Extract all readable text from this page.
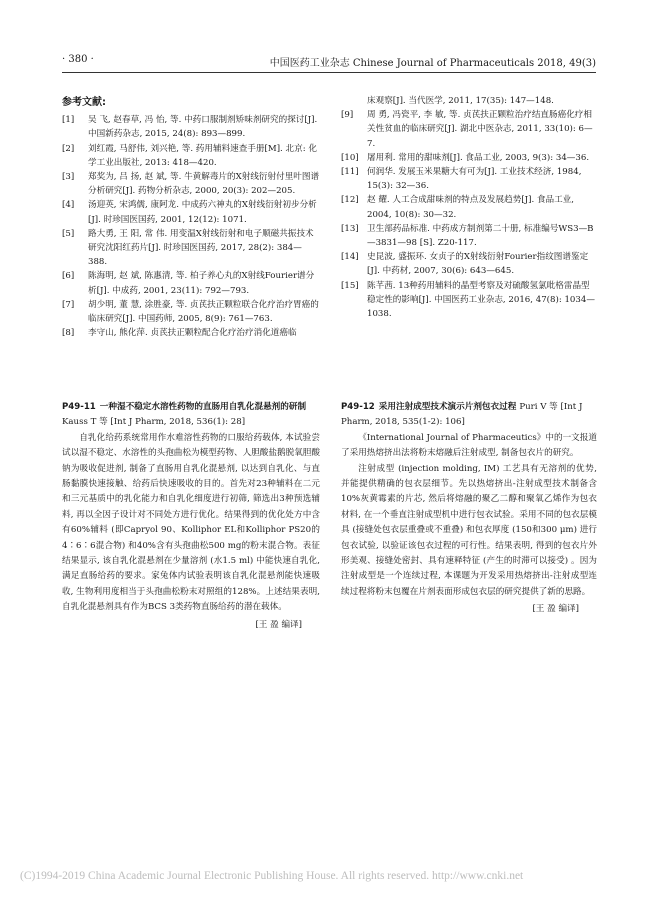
· 380 ·	中国医药工业杂志 Chinese Journal of Pharmaceuticals 2018, 49(3)
参考文献:
[1]	吴 飞, 赵春草, 冯 怡, 等. 中药口服制剂矫味剂研究的探讨[J]. 中国新药杂志, 2015, 24(8): 893—899.
[2]	刘红霞, 马舒伟, 刘兴艳, 等. 药用辅料速查手册[M]. 北京: 化学工业出版社, 2013: 418—420.
[3]	郑奖为, 吕 扬, 赵 斌, 等. 牛黄解毒片的X射线衍射付里叶图谱分析研究[J]. 药物分析杂志, 2000, 20(3): 202—205.
[4]	汤迎英, 宋鸿儒, 康阿龙. 中成药六神丸的X射线衍射初步分析[J]. 时珍国医国药, 2001, 12(12): 1071.
[5]	路大勇, 王 阳, 常 伟. 用变温X射线衍射和电子顺磁共振技术研究沈阳红药片[J]. 时珍国医国药, 2017, 28(2): 384—388.
[6]	陈海明, 赵 斌, 陈惠清, 等. 柏子养心丸的X射线Fourier谱分析[J]. 中成药, 2001, 23(11): 792—793.
[7]	胡少明, 董 慧, 涂胜豪, 等. 贞芪扶正颗粒联合化疗治疗胃癌的临床研究[J]. 中国药师, 2005, 8(9): 761—763.
[8]	李守山, 熊化萍. 贞芪扶正颗粒配合化疗治疗消化道癌临
床观察[J]. 当代医学, 2011, 17(35): 147—148.
[9]	周 勇, 冯瓷平, 李 敏, 等. 贞芪扶正颗粒治疗结直肠癌化疗相关性贫血的临床研究[J]. 湖北中医杂志, 2011, 33(10): 6—7.
[10] 屠用利. 常用的甜味剂[J]. 食品工业, 2003, 9(3): 34—36.
[11] 何润华. 发展玉米果糖大有可为[J]. 工业技术经济, 1984, 15(3): 32—36.
[12] 赵 耀. 人工合成甜味剂的特点及发展趋势[J]. 食品工业, 2004, 10(8): 30—32.
[13] 卫生部药品标准. 中药成方制剂第二十册, 标准编号WS3—B—3831—98 [S]. Z20-117.
[14] 史昆波, 盛振环. 女贞子的X射线衍射Fourier指纹图谱鉴定[J]. 中药材, 2007, 30(6): 643—645.
[15] 陈芊茜. 13种药用辅料的晶型考察及对硫酸氢氯吡格雷晶型稳定性的影响[J]. 中国医药工业杂志, 2016, 47(8): 1034—1038.
P49-11 一种湿不稳定水溶性药物的直肠用自乳化混悬剂的研制 Kauss T 等 [Int J Pharm, 2018, 536(1): 28]

自乳化给药系统常用作水难溶性药物的口服给药载体, 本试验尝试以湿不稳定、水溶性的头孢曲松为模型药物、人胆酸盐鹅脱氧胆酸钠为吸收促进剂, 制备了直肠用自乳化混悬剂, 以达到自乳化、与直肠黏膜快速接触、给药后快速吸收的目的。首先对23种辅料在二元和三元基质中的乳化能力和自乳化细度进行初筛, 筛选出3种预选辅料, 再以全因子设计对不同处方进行优化。结果得到的优化处方中含有60%辅料 (即Capryol 90、Kolliphor EL和Kolliphor PS20的4∶6∶6混合物) 和40%含有头孢曲松500 mg的粉末混合物。表征结果显示, 该自乳化混悬剂在少量溶剂 (水1.5 ml) 中能快速自乳化, 满足直肠给药的要求。家兔体内试验表明该自乳化混悬剂能快速吸收, 生物利用度相当于头孢曲松粉末对照组的128%。上述结果表明, 自乳化混悬剂具有作为BCS 3类药物直肠给药的潜在载体。

[王 盈 编译]
P49-12 采用注射成型技术演示片剂包衣过程 Puri V 等 [Int J Pharm, 2018, 535(1-2): 106]

《International Journal of Pharmaceutics》中的一文报道了采用热熔挤出法将粉末熔融后注射成型, 制备包衣片的研究。

注射成型 (injection molding, IM) 工艺具有无溶剂的优势, 并能提供精确的包衣层细节。先以热熔挤出-注射成型技术制备含10%灰黄霉素的片芯, 然后将熔融的聚乙二醇和聚氧乙烯作为包衣材料, 在一个垂直注射成型机中进行包衣试验。采用不同的包衣层模具 (接缝处包衣层重叠或不重叠) 和包衣厚度 (150和300 μm) 进行包衣试验, 以验证该包衣过程的可行性。结果表明, 得到的包衣片外形美观、接缝处密封、具有速释特征 (产生的时滞可以接受) 。因为注射成型是一个连续过程, 本课题为开发采用热熔挤出-注射成型连续过程将粉末包覆在片剂表面形成包衣层的研究提供了新的思路。

[王 盈 编译]
(C)1994-2019 China Academic Journal Electronic Publishing House. All rights reserved. http://www.cnki.net
